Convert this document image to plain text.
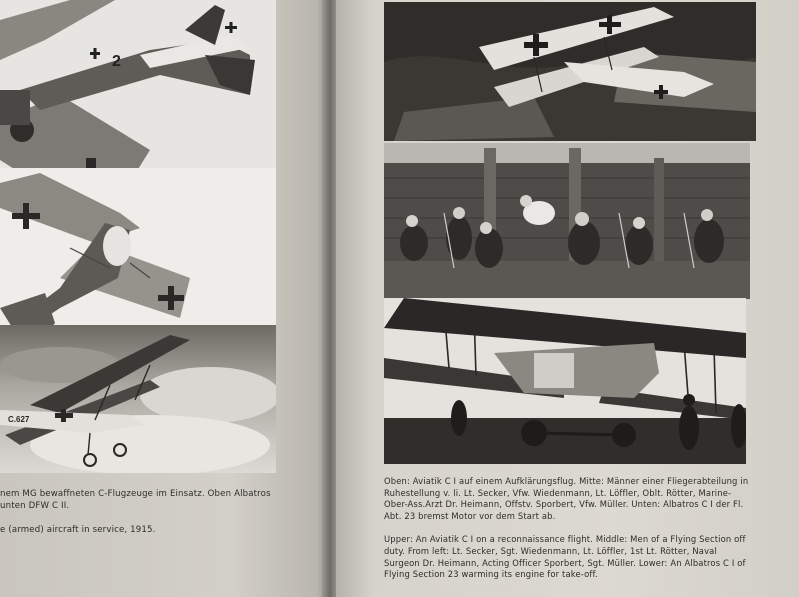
2
C.627

nem MG bewaffneten C-Flugzeuge im Einsatz. Oben Albatros
unten DFW C II.

e (armed) aircraft in service, 1915.

Oben: Aviatik C I auf einem Aufklärungsflug. Mitte: Männer einer Fliegerabteilung in Ruhestellung v. li. Lt. Secker, Vfw. Wiedenmann, Lt. Löffler, Oblt. Rötter, Marine-Ober-Ass.Arzt Dr. Heimann, Offstv. Sporbert, Vfw. Müller. Unten: Albatros C I der Fl. Abt. 23 bremst Motor vor dem Start ab.

Upper: An Aviatik C I on a reconnaissance flight. Middle: Men of a Flying Section off duty. From left: Lt. Secker, Sgt. Wiedenmann, Lt. Löffler, 1st Lt. Rötter, Naval Surgeon Dr. Heimann, Acting Officer Sporbert, Sgt. Müller. Lower: An Albatros C I of Flying Section 23 warming its engine for take-off.
